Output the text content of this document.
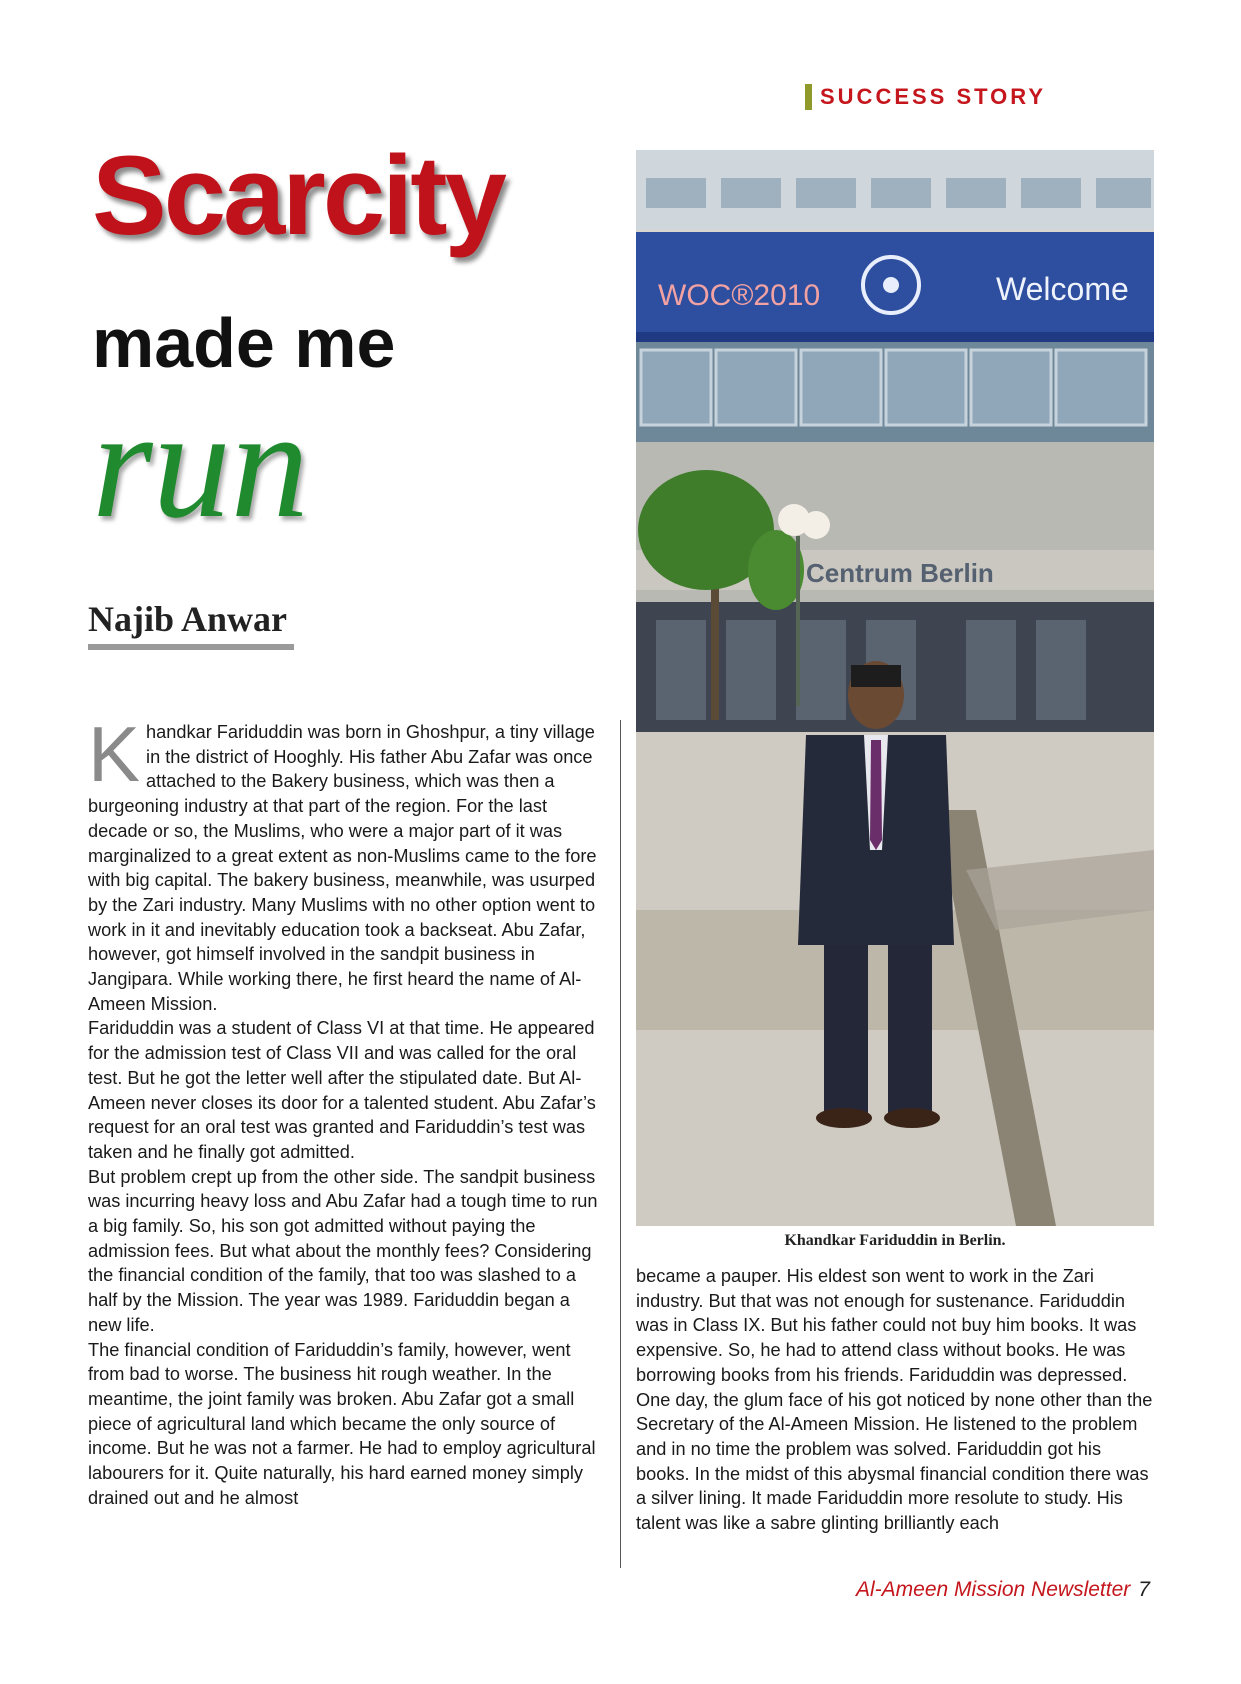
SUCCESS STORY
Scarcity
made me
run
Najib Anwar

Khandkar Fariduddin was born in Ghoshpur, a tiny village in the district of Hooghly. His father Abu Zafar was once attached to the Bakery business, which was then a burgeoning industry at that part of the region. For the last decade or so, the Muslims, who were a major part of it was marginalized to a great extent as non-Muslims came to the fore with big capital. The bakery business, meanwhile, was usurped by the Zari industry. Many Muslims with no other option went to work in it and inevitably education took a backseat. Abu Zafar, however, got himself involved in the sandpit business in Jangipara. While working there, he first heard the name of Al-Ameen Mission.

Fariduddin was a student of Class VI at that time. He appeared for the admission test of Class VII and was called for the oral test. But he got the letter well after the stipulated date. But Al-Ameen never closes its door for a talented student. Abu Zafar’s request for an oral test was granted and Fariduddin’s test was taken and he finally got admitted.

But problem crept up from the other side. The sandpit business was incurring heavy loss and Abu Zafar had a tough time to run a big family. So, his son got admitted without paying the admission fees. But what about the monthly fees? Considering the financial condition of the family, that too was slashed to a half by the Mission. The year was 1989. Fariduddin began a new life.

The financial condition of Fariduddin’s family, however, went from bad to worse. The business hit rough weather. In the meantime, the joint family was broken. Abu Zafar got a small piece of agricultural land which became the only source of income. But he was not a farmer. He had to employ agricultural labourers for it. Quite naturally, his hard earned money simply drained out and he almost

WOC®2010	Welcome
Centrum Berlin
Khandkar Fariduddin in Berlin.

became a pauper. His eldest son went to work in the Zari industry. But that was not enough for sustenance. Fariduddin was in Class IX. But his father could not buy him books. It was expensive. So, he had to attend class without books. He was borrowing books from his friends. Fariduddin was depressed. One day, the glum face of his got noticed by none other than the Secretary of the Al-Ameen Mission. He listened to the problem and in no time the problem was solved. Fariduddin got his books. In the midst of this abysmal financial condition there was a silver lining. It made Fariduddin more resolute to study. His talent was like a sabre glinting brilliantly each

Al-Ameen Mission Newsletter 7
